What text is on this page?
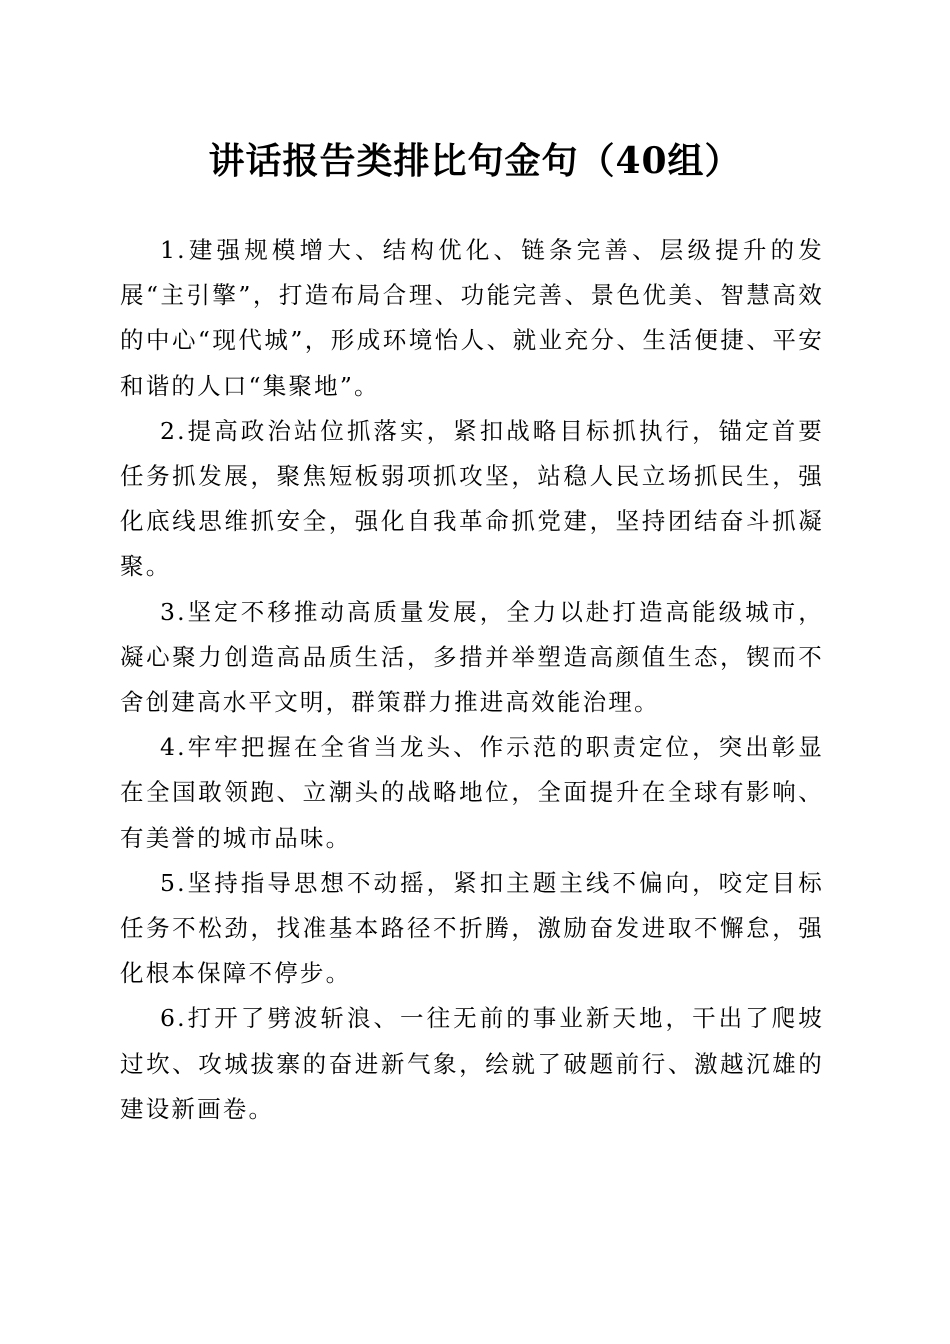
讲话报告类排比句金句（40组）

1.建强规模增大、结构优化、链条完善、层级提升的发展“主引擎”，打造布局合理、功能完善、景色优美、智慧高效的中心“现代城”，形成环境怡人、就业充分、生活便捷、平安和谐的人口“集聚地”。

2.提高政治站位抓落实，紧扣战略目标抓执行，锚定首要任务抓发展，聚焦短板弱项抓攻坚，站稳人民立场抓民生，强化底线思维抓安全，强化自我革命抓党建，坚持团结奋斗抓凝聚。

3.坚定不移推动高质量发展，全力以赴打造高能级城市，凝心聚力创造高品质生活，多措并举塑造高颜值生态，锲而不舍创建高水平文明，群策群力推进高效能治理。

4.牢牢把握在全省当龙头、作示范的职责定位，突出彰显在全国敢领跑、立潮头的战略地位，全面提升在全球有影响、有美誉的城市品味。

5.坚持指导思想不动摇，紧扣主题主线不偏向，咬定目标任务不松劲，找准基本路径不折腾，激励奋发进取不懈怠，强化根本保障不停步。

6.打开了劈波斩浪、一往无前的事业新天地，干出了爬坡过坎、攻城拔寨的奋进新气象，绘就了破题前行、激越沉雄的建设新画卷。
